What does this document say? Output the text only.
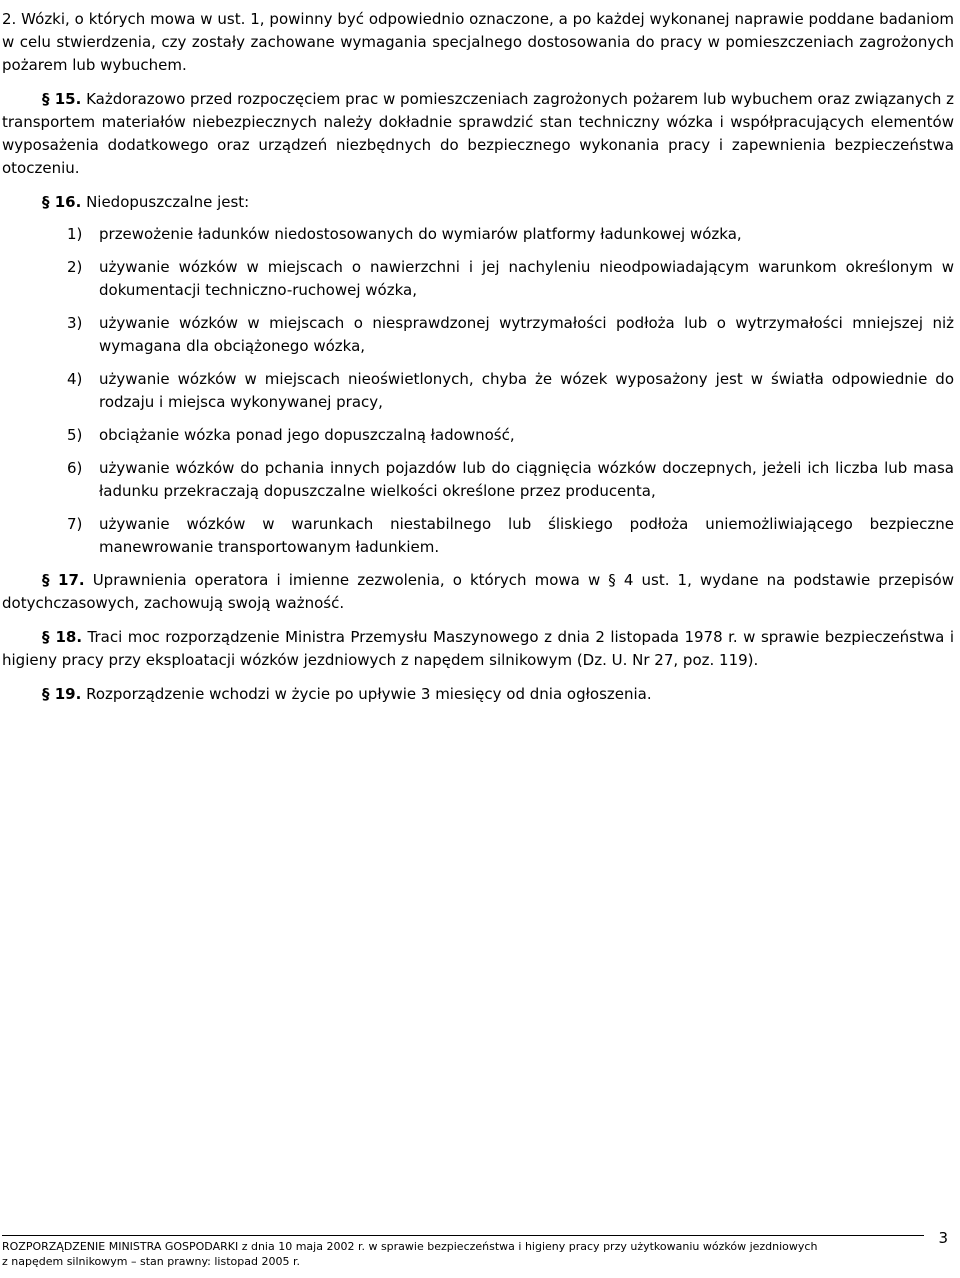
2. Wózki, o których mowa w ust. 1, powinny być odpowiednio oznaczone, a po każdej wykonanej naprawie poddane badaniom w celu stwierdzenia, czy zostały zachowane wymagania specjalnego dostosowania do pracy w pomieszczeniach zagrożonych pożarem lub wybuchem.

§ 15. Każdorazowo przed rozpoczęciem prac w pomieszczeniach zagrożonych pożarem lub wybuchem oraz związanych z transportem materiałów niebezpiecznych należy dokładnie sprawdzić stan techniczny wózka i współpracujących elementów wyposażenia dodatkowego oraz urządzeń niezbędnych do bezpiecznego wykonania pracy i zapewnienia bezpieczeństwa otoczeniu.

§ 16. Niedopuszczalne jest:

1) przewożenie ładunków niedostosowanych do wymiarów platformy ładunkowej wózka,
2) używanie wózków w miejscach o nawierzchni i jej nachyleniu nieodpowiadającym warunkom określonym w dokumentacji techniczno-ruchowej wózka,
3) używanie wózków w miejscach o niesprawdzonej wytrzymałości podłoża lub o wytrzymałości mniejszej niż wymagana dla obciążonego wózka,
4) używanie wózków w miejscach nieoświetlonych, chyba że wózek wyposażony jest w światła odpowiednie do rodzaju i miejsca wykonywanej pracy,
5) obciążanie wózka ponad jego dopuszczalną ładowność,
6) używanie wózków do pchania innych pojazdów lub do ciągnięcia wózków doczepnych, jeżeli ich liczba lub masa ładunku przekraczają dopuszczalne wielkości określone przez producenta,
7) używanie wózków w warunkach niestabilnego lub śliskiego podłoża uniemożliwiającego bezpieczne manewrowanie transportowanym ładunkiem.

§ 17. Uprawnienia operatora i imienne zezwolenia, o których mowa w § 4 ust. 1, wydane na podstawie przepisów dotychczasowych, zachowują swoją ważność.

§ 18. Traci moc rozporządzenie Ministra Przemysłu Maszynowego z dnia 2 listopada 1978 r. w sprawie bezpieczeństwa i higieny pracy przy eksploatacji wózków jezdniowych z napędem silnikowym (Dz. U. Nr 27, poz. 119).

§ 19. Rozporządzenie wchodzi w życie po upływie 3 miesięcy od dnia ogłoszenia.

ROZPORZĄDZENIE MINISTRA GOSPODARKI z dnia 10 maja 2002 r. w sprawie bezpieczeństwa i higieny pracy przy użytkowaniu wózków jezdniowych
z napędem silnikowym – stan prawny: listopad 2005 r.
3
